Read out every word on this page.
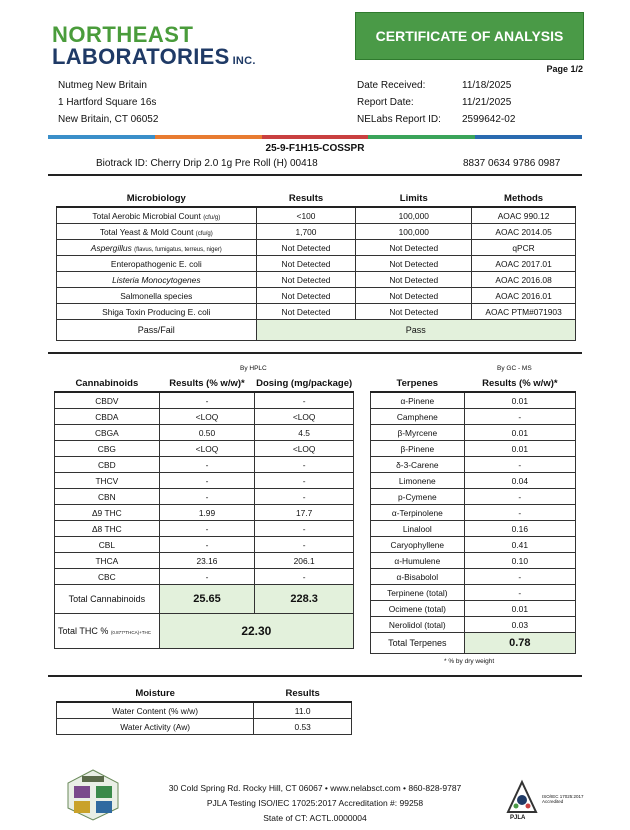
NORTHEAST
LABORATORIES INC.
CERTIFICATE OF ANALYSIS
Page 1/2
Nutmeg New Britain
1 Hartford Square 16s
New Britain, CT 06052
Date Received:	11/18/2025
Report Date:	11/21/2025
NELabs Report ID: 2599642-02
25-9-F1H15-COSSPR
Biotrack ID: Cherry Drip 2.0 1g Pre Roll (H) 00418	8837 0634 9786 0987
Microbiology	Results	Limits	Methods
Total Aerobic Microbial Count (cfu/g)	<100	100,000	AOAC 990.12
Total Yeast & Mold Count (cfu/g)	1,700	100,000	AOAC 2014.05
Aspergillus (flavus, fumigatus, terreus, niger)	Not Detected	Not Detected	qPCR
Enteropathogenic E. coli	Not Detected	Not Detected	AOAC 2017.01
Listeria Monocytogenes	Not Detected	Not Detected	AOAC 2016.08
Salmonella species	Not Detected	Not Detected	AOAC 2016.01
Shiga Toxin Producing E. coli	Not Detected	Not Detected	AOAC PTM#071903
Pass/Fail	Pass		
By HPLC
Cannabinoids	Results (% w/w)*	Dosing (mg/package)
CBDV	-	-
CBDA	<LOQ	<LOQ
CBGA	0.50	4.5
CBG	<LOQ	<LOQ
CBD	-	-
THCV	-	-
CBN	-	-
Δ9 THC	1.99	17.7
Δ8 THC	-	-
CBL	-	-
THCA	23.16	206.1
CBC	-	-
Total Cannabinoids	25.65	228.3
Total THC % (0.877*THCA)+THC	22.30	
By GC - MS
Terpenes	Results (% w/w)*
α-Pinene	0.01
Camphene	-
β-Myrcene	0.01
β-Pinene	0.01
δ-3-Carene	-
Limonene	0.04
p-Cymene	-
α-Terpinolene	-
Linalool	0.16
Caryophyllene	0.41
α-Humulene	0.10
α-Bisabolol	-
Terpinene (total)	-
Ocimene (total)	0.01
Nerolidol (total)	0.03
Total Terpenes	0.78
* % by dry weight
Moisture	Results
Water Content (% w/w)	11.0
Water Activity (Aw)	0.53
30 Cold Spring Rd. Rocky Hill, CT 06067 • www.nelabsct.com • 860-828-9787
PJLA Testing ISO/IEC 17025:2017 Accreditation #: 99258
State of CT: ACTL.0000004	PJLA
ISO/IEC 17025:2017 Accredited
